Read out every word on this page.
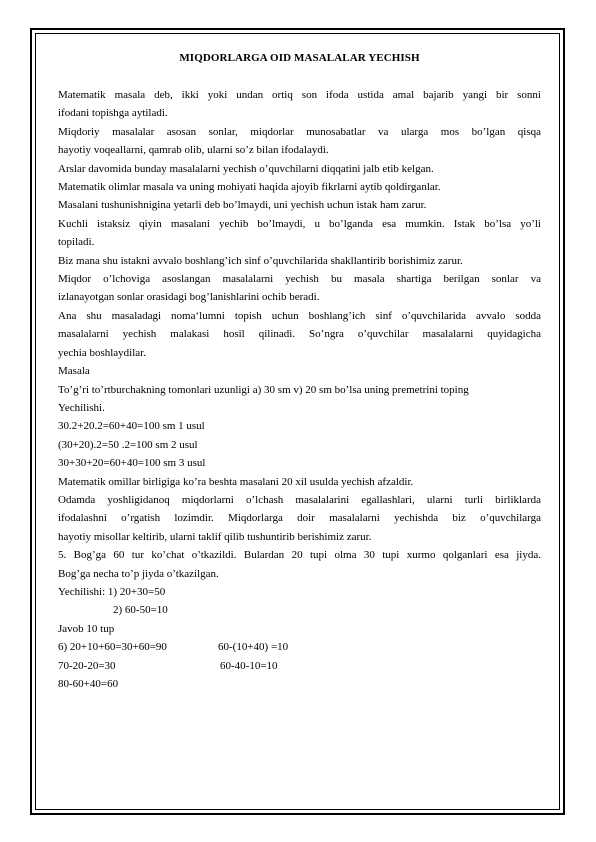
MIQDORLARGA OID MASALALAR YECHISH
Matematik masala deb, ikki yoki undan ortiq son ifoda ustida amal bajarib yangi bir sonni
ifodani topishga aytiladi.
Miqdoriy masalalar asosan sonlar, miqdorlar munosabatlar va ularga mos bo’lgan qisqa
hayotiy voqeallarni, qamrab olib, ularni so’z bilan ifodalaydi.
Arslar davomida bunday masalalarni yechish o’quvchilarni diqqatini jalb etib kelgan.
Matematik olimlar masala va uning mohiyati haqida ajoyib fikrlarni aytib qoldirganlar.
Masalani tushunishnigina yetarli deb bo’lmaydi, uni yechish uchun istak ham zarur.
Kuchli istaksiz qiyin masalani yechib bo’lmaydi, u bo’lganda esa mumkin. Istak bo’lsa yo’li
topiladi.
Biz mana shu istakni avvalo boshlang’ich sinf o’quvchilarida shakllantirib borishimiz zarur.
Miqdor o’lchoviga asoslangan masalalarni yechish bu masala shartiga berilgan sonlar va
izlanayotgan sonlar orasidagi bog’lanishlarini ochib beradi.
Ana shu masaladagi noma‘lumni topish uchun boshlang’ich sinf o’quvchilarida avvalo sodda
masalalarni yechish malakasi hosil qilinadi. So’ngra o’quvchilar masalalarni quyidagicha
yechia boshlaydilar.
Masala
To’g’ri to’rtburchakning tomonlari uzunligi a) 30 sm v) 20 sm bo’lsa uning premetrini toping
Yechilishi.
30.2+20.2=60+40=100 sm 1 usul
(30+20).2=50 .2=100 sm 2 usul
30+30+20=60+40=100 sm 3 usul
Matematik omillar birligiga ko’ra beshta masalani 20 xil usulda yechish afzaldir.
Odamda yoshligidanoq miqdorlarni o’lchash masalalarini egallashlari, ularni turli birliklarda
ifodalashni o’rgatish lozimdir. Miqdorlarga doir masalalarni yechishda biz o’quvchilarga
hayotiy misollar keltirib, ularni taklif qilib tushuntirib berishimiz zarur.
5. Bog’ga 60 tur ko’chat o’tkazildi. Bulardan 20 tupi olma 30 tupi xurmo qolganlari esa jiyda.
Bog’ga necha to’p jiyda o’tkazilgan.
Yechilishi: 1) 20+30=50
2) 60-50=10
Javob 10 tup
6) 20+10+60=30+60=90	60-(10+40) =10
70-20-20=30	60-40-10=10
80-60+40=60
